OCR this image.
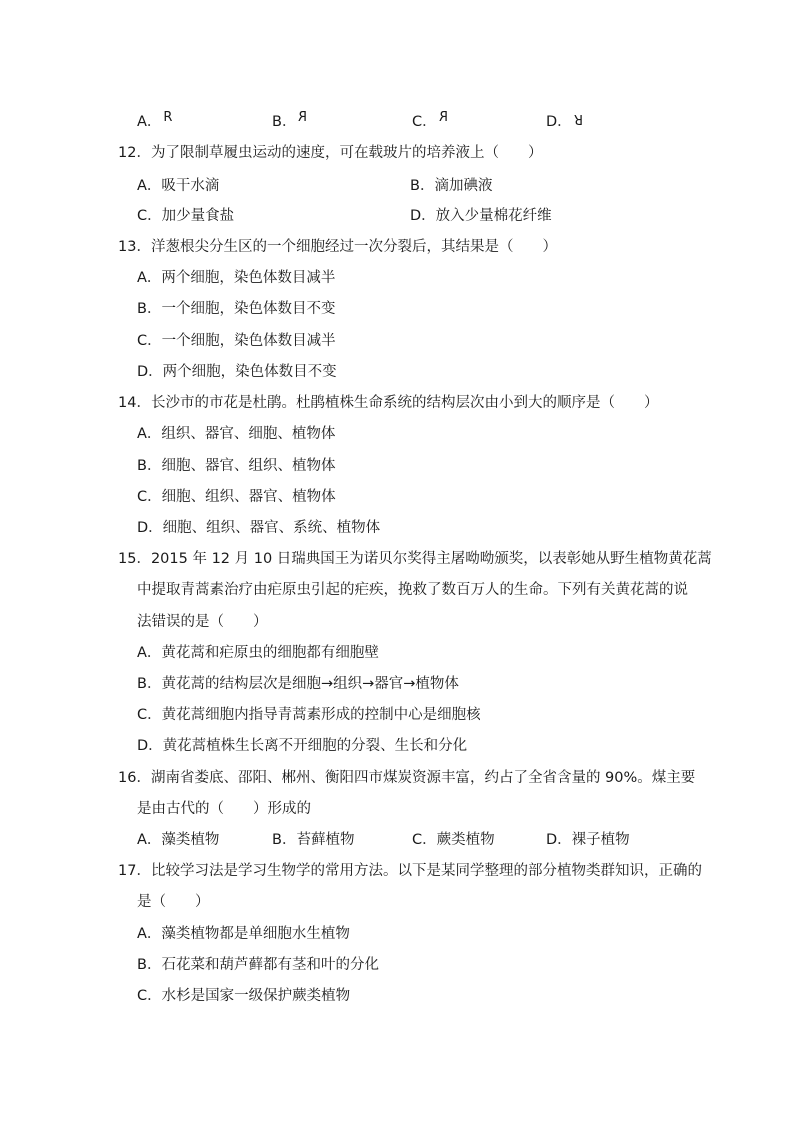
A． R	B． R	C． R	D． R
12．为了限制草履虫运动的速度，可在载玻片的培养液上（　　）
A．吸干水滴	B．滴加碘液
C．加少量食盐	D．放入少量棉花纤维
13．洋葱根尖分生区的一个细胞经过一次分裂后，其结果是（　　）
A．两个细胞，染色体数目减半
B．一个细胞，染色体数目不变
C．一个细胞，染色体数目减半
D．两个细胞，染色体数目不变
14．长沙市的市花是杜鹃。杜鹃植株生命系统的结构层次由小到大的顺序是（　　）
A．组织、器官、细胞、植物体
B．细胞、器官、组织、植物体
C．细胞、组织、器官、植物体
D．细胞、组织、器官、系统、植物体
15．2015 年 12 月 10 日瑞典国王为诺贝尔奖得主屠呦呦颁奖，以表彰她从野生植物黄花蒿
中提取青蒿素治疗由疟原虫引起的疟疾，挽救了数百万人的生命。下列有关黄花蒿的说
法错误的是（　　）
A．黄花蒿和疟原虫的细胞都有细胞壁
B．黄花蒿的结构层次是细胞→组织→器官→植物体
C．黄花蒿细胞内指导青蒿素形成的控制中心是细胞核
D．黄花蒿植株生长离不开细胞的分裂、生长和分化
16．湖南省娄底、邵阳、郴州、衡阳四市煤炭资源丰富，约占了全省含量的 90%。煤主要
是由古代的（　　）形成的
A．藻类植物	B．苔藓植物	C．蕨类植物	D．裸子植物
17．比较学习法是学习生物学的常用方法。以下是某同学整理的部分植物类群知识，正确的
是（　　）
A．藻类植物都是单细胞水生植物
B．石花菜和葫芦藓都有茎和叶的分化
C．水杉是国家一级保护蕨类植物
